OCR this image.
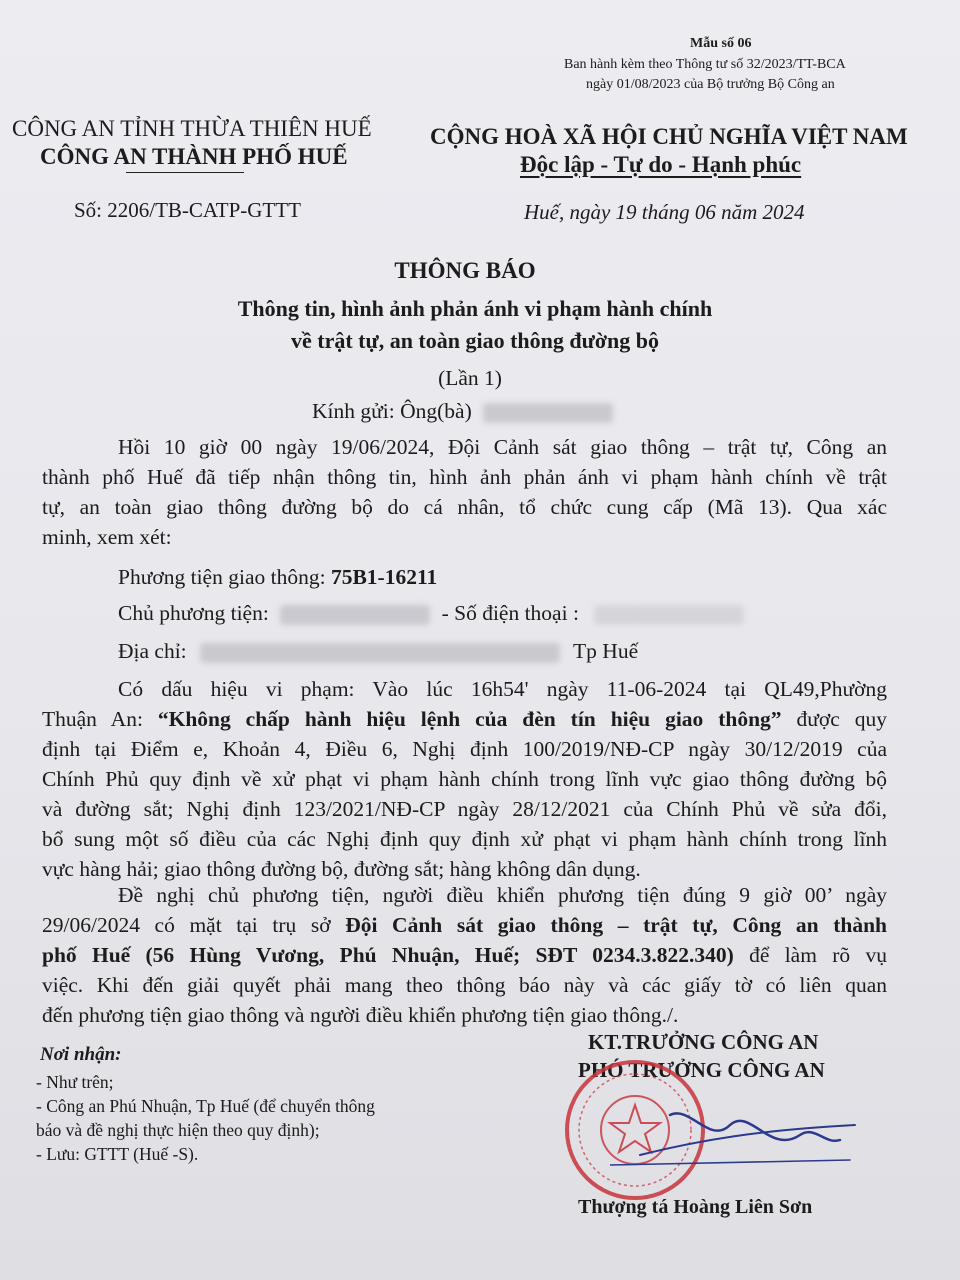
Mẫu số 06
Ban hành kèm theo Thông tư số 32/2023/TT-BCA
ngày 01/08/2023 của Bộ trưởng Bộ Công an
CÔNG AN TỈNH THỪA THIÊN HUẾ
CÔNG AN THÀNH PHỐ HUẾ
Số: 2206/TB-CATP-GTTT
CỘNG HOÀ XÃ HỘI CHỦ NGHĨA VIỆT NAM
Độc lập - Tự do - Hạnh phúc
Huế, ngày 19 tháng 06 năm 2024
THÔNG BÁO
Thông tin, hình ảnh phản ánh vi phạm hành chính
về trật tự, an toàn giao thông đường bộ
(Lần 1)
Kính gửi: Ông(bà)
Hồi 10 giờ 00 ngày 19/06/2024, Đội Cảnh sát giao thông – trật tự, Công an
thành phố Huế đã tiếp nhận thông tin, hình ảnh phản ánh vi phạm hành chính về trật
tự, an toàn giao thông đường bộ do cá nhân, tổ chức cung cấp (Mã 13). Qua xác
minh, xem xét:
Phương tiện giao thông: 75B1-16211
Chủ phương tiện:	- Số điện thoại :
Địa chỉ:	Tp Huế
Có dấu hiệu vi phạm: Vào lúc 16h54' ngày 11-06-2024 tại QL49,Phường
Thuận An: “Không chấp hành hiệu lệnh của đèn tín hiệu giao thông” được quy
định tại Điểm e, Khoản 4, Điều 6, Nghị định 100/2019/NĐ-CP ngày 30/12/2019 của
Chính Phủ quy định về xử phạt vi phạm hành chính trong lĩnh vực giao thông đường bộ
và đường sắt; Nghị định 123/2021/NĐ-CP ngày 28/12/2021 của Chính Phủ về sửa đổi,
bổ sung một số điều của các Nghị định quy định xử phạt vi phạm hành chính trong lĩnh
vực hàng hải; giao thông đường bộ, đường sắt; hàng không dân dụng.
Đề nghị chủ phương tiện, người điều khiển phương tiện đúng 9 giờ 00’ ngày
29/06/2024 có mặt tại trụ sở Đội Cảnh sát giao thông – trật tự, Công an thành
phố Huế (56 Hùng Vương, Phú Nhuận, Huế; SĐT 0234.3.822.340) để làm rõ vụ
việc. Khi đến giải quyết phải mang theo thông báo này và các giấy tờ có liên quan
đến phương tiện giao thông và người điều khiển phương tiện giao thông./.
Nơi nhận:
- Như trên;
- Công an Phú Nhuận, Tp Huế (để chuyển thông
báo và đề nghị thực hiện theo quy định);
- Lưu: GTTT (Huế -S).
KT.TRƯỞNG CÔNG AN
PHÓ TRƯỞNG CÔNG AN
Thượng tá Hoàng Liên Sơn
